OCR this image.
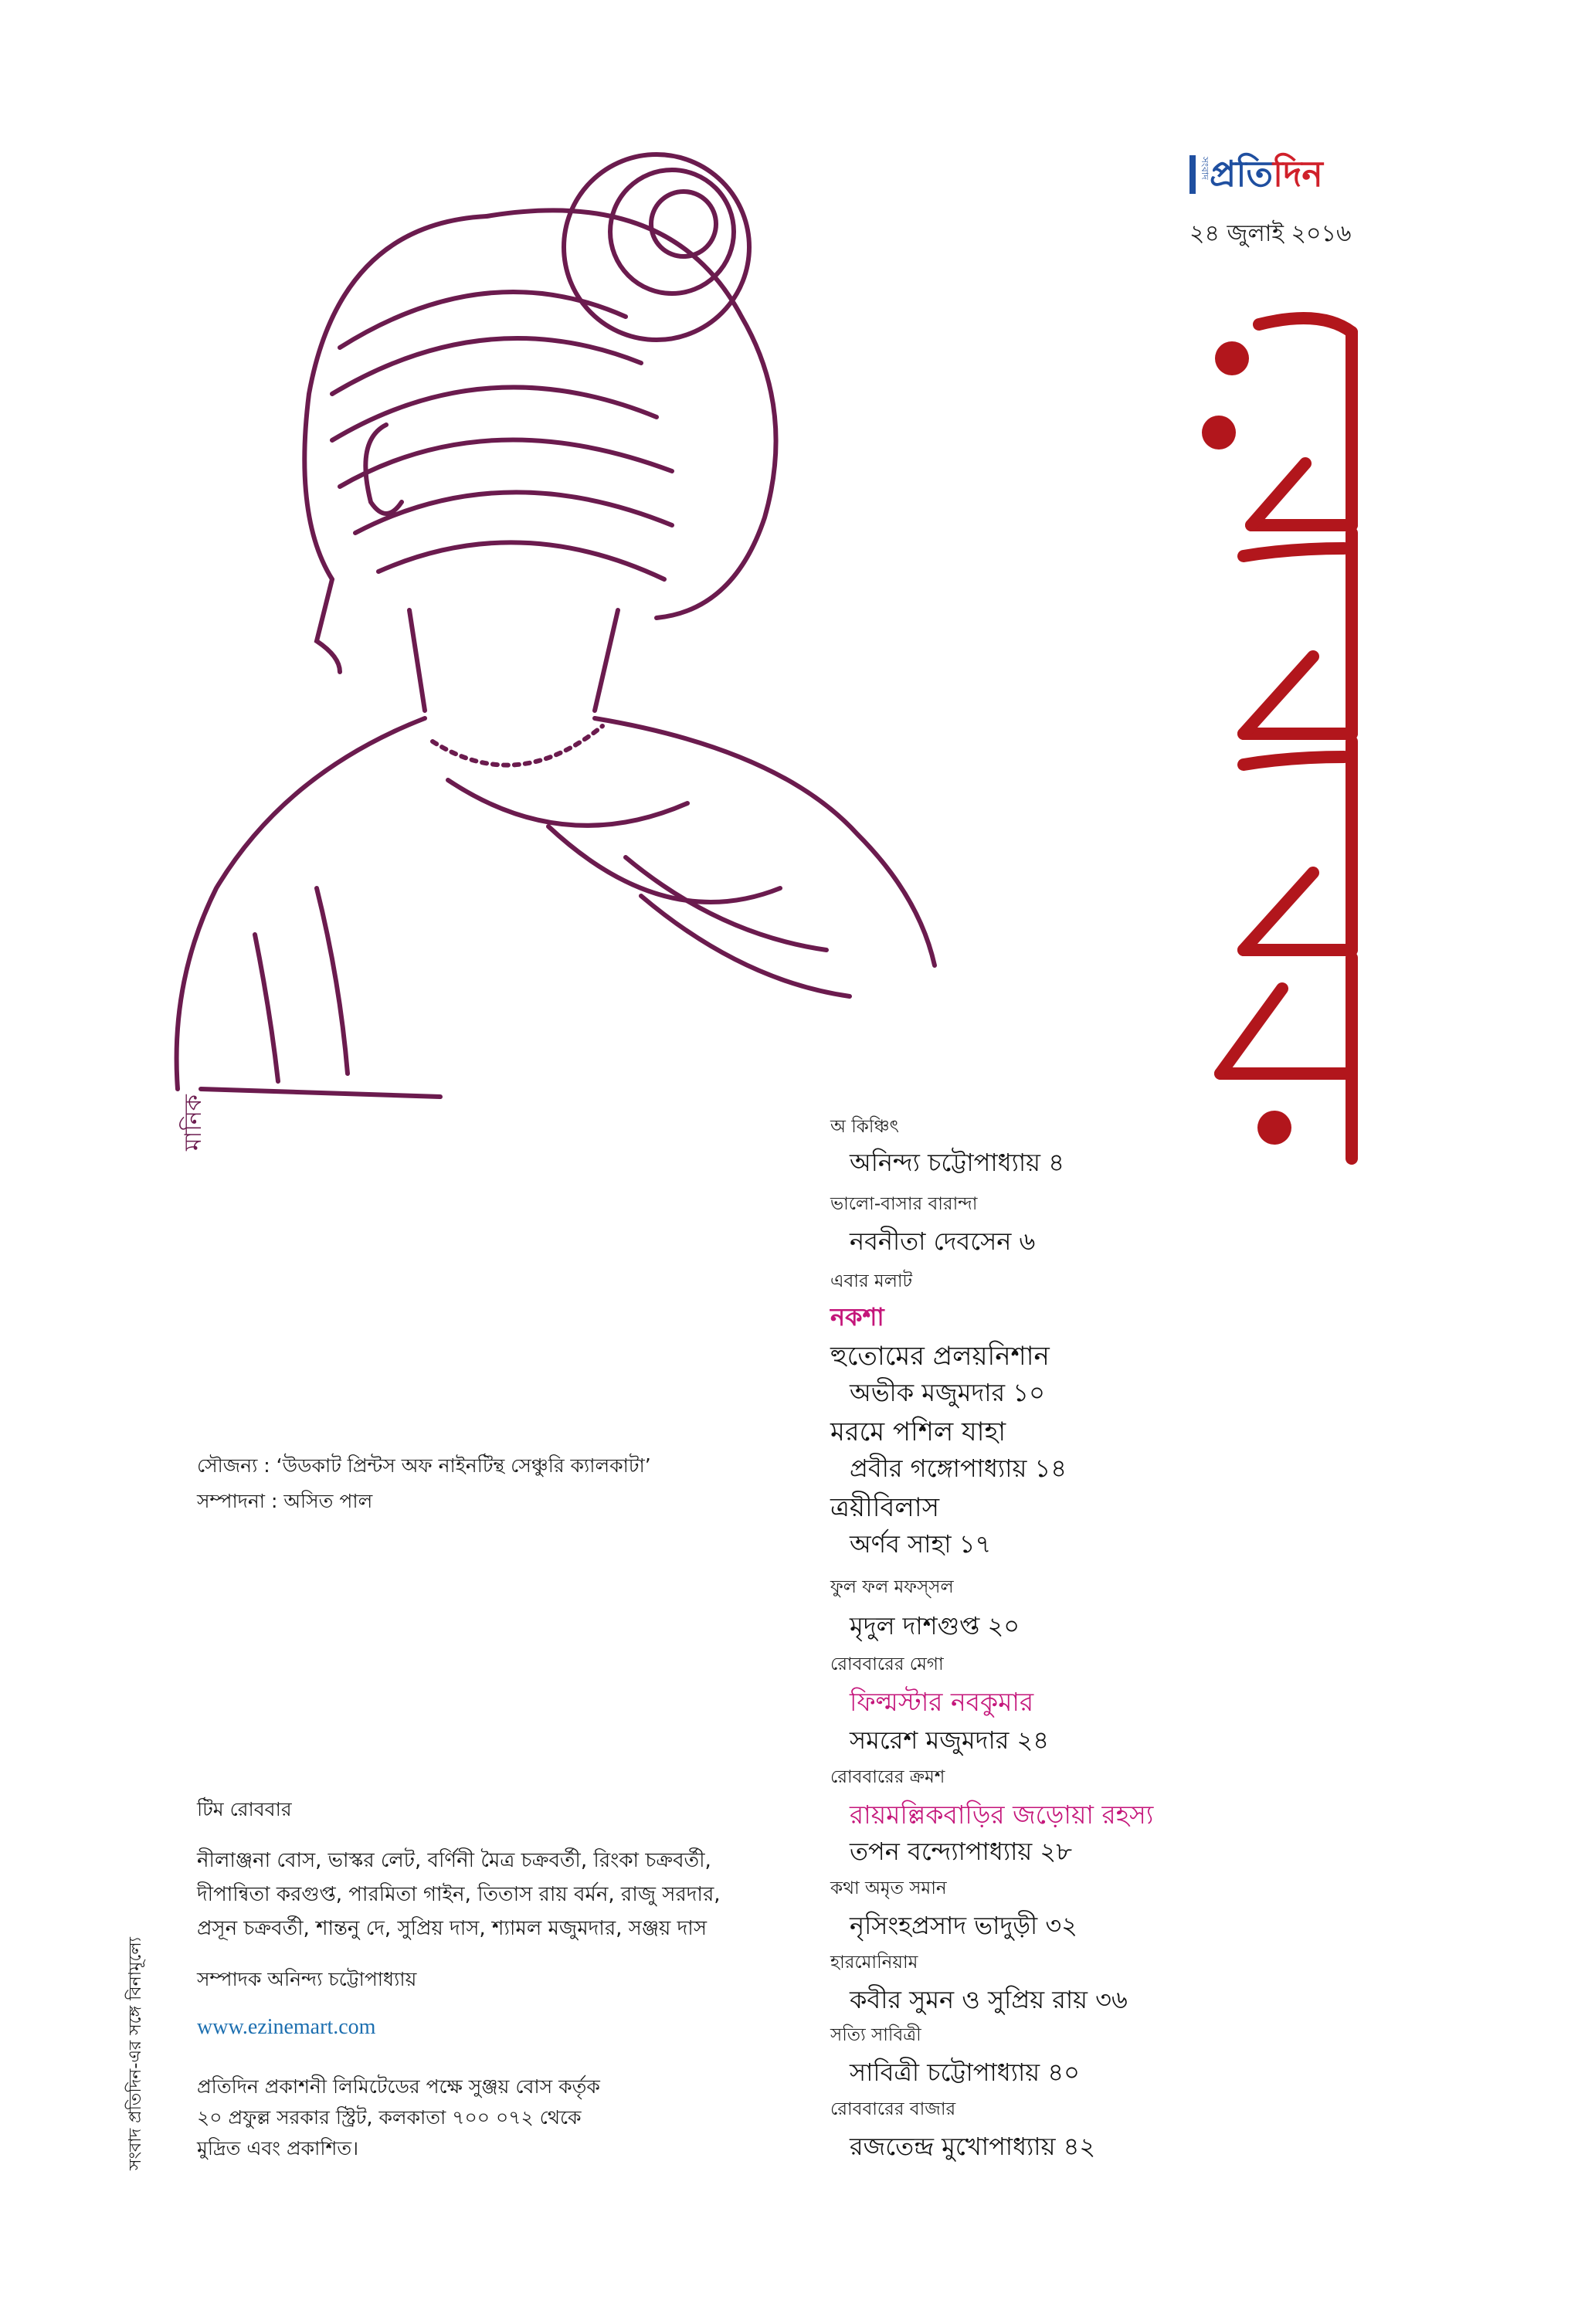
সংবাদ প্রতিদিন
২৪ জুলাই ২০১৬
মানিক
সৌজন্য : ‘উডকাট প্রিন্টস অফ নাইনটিন্থ সেঞ্চুরি ক্যালকাটা’
সম্পাদনা : অসিত পাল
টিম রোববার
নীলাঞ্জনা বোস, ভাস্কর লেট, বর্ণিনী মৈত্র চক্রবর্তী, রিংকা চক্রবর্তী,
দীপান্বিতা করগুপ্ত, পারমিতা গাইন, তিতাস রায় বর্মন, রাজু সরদার,
প্রসূন চক্রবর্তী, শান্তনু দে, সুপ্রিয় দাস, শ্যামল মজুমদার, সঞ্জয় দাস
সম্পাদক অনিন্দ্য চট্টোপাধ্যায়
www.ezinemart.com
প্রতিদিন প্রকাশনী লিমিটেডের পক্ষে সুঞ্জয় বোস কর্তৃক
২০ প্রফুল্ল সরকার স্ট্রিট, কলকাতা ৭০০ ০৭২ থেকে
মুদ্রিত এবং প্রকাশিত।
সংবাদ প্রতিদিন-এর সঙ্গে বিনামূল্যে
অ কিঞ্চিৎ
অনিন্দ্য চট্টোপাধ্যায় ৪
ভালো-বাসার বারান্দা
নবনীতা দেবসেন ৬
এবার মলাট
নকশা
হুতোমের প্রলয়নিশান
অভীক মজুমদার ১০
মরমে পশিল যাহা
প্রবীর গঙ্গোপাধ্যায় ১৪
ত্রয়ীবিলাস
অর্ণব সাহা ১৭
ফুল ফল মফস্‌সল
মৃদুল দাশগুপ্ত ২০
রোববারের মেগা
ফিল্মস্টার নবকুমার
সমরেশ মজুমদার ২৪
রোববারের ক্রমশ
রায়মল্লিকবাড়ির জড়োয়া রহস্য
তপন বন্দ্যোপাধ্যায় ২৮
কথা অমৃত সমান
নৃসিংহপ্রসাদ ভাদুড়ী ৩২
হারমোনিয়াম
কবীর সুমন ও সুপ্রিয় রায় ৩৬
সত্যি সাবিত্রী
সাবিত্রী চট্টোপাধ্যায় ৪০
রোববারের বাজার
রজতেন্দ্র মুখোপাধ্যায় ৪২
